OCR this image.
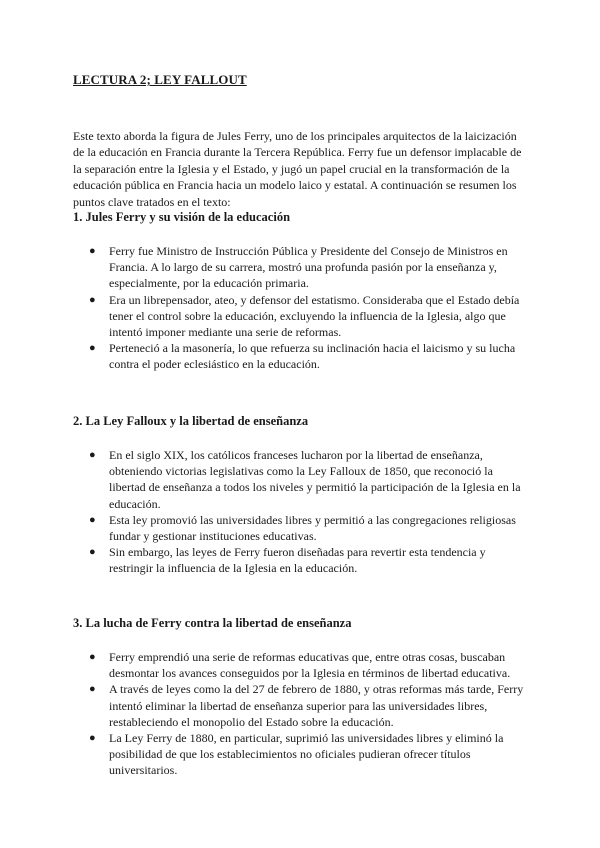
LECTURA 2; LEY FALLOUT

Este texto aborda la figura de Jules Ferry, uno de los principales arquitectos de la laicización de la educación en Francia durante la Tercera República. Ferry fue un defensor implacable de la separación entre la Iglesia y el Estado, y jugó un papel crucial en la transformación de la educación pública en Francia hacia un modelo laico y estatal. A continuación se resumen los puntos clave tratados en el texto:

1. Jules Ferry y su visión de la educación
● Ferry fue Ministro de Instrucción Pública y Presidente del Consejo de Ministros en Francia. A lo largo de su carrera, mostró una profunda pasión por la enseñanza y, especialmente, por la educación primaria.
● Era un librepensador, ateo, y defensor del estatismo. Consideraba que el Estado debía tener el control sobre la educación, excluyendo la influencia de la Iglesia, algo que intentó imponer mediante una serie de reformas.
● Perteneció a la masonería, lo que refuerza su inclinación hacia el laicismo y su lucha contra el poder eclesiástico en la educación.
2. La Ley Falloux y la libertad de enseñanza
● En el siglo XIX, los católicos franceses lucharon por la libertad de enseñanza, obteniendo victorias legislativas como la Ley Falloux de 1850, que reconoció la libertad de enseñanza a todos los niveles y permitió la participación de la Iglesia en la educación.
● Esta ley promovió las universidades libres y permitió a las congregaciones religiosas fundar y gestionar instituciones educativas.
● Sin embargo, las leyes de Ferry fueron diseñadas para revertir esta tendencia y restringir la influencia de la Iglesia en la educación.
3. La lucha de Ferry contra la libertad de enseñanza
● Ferry emprendió una serie de reformas educativas que, entre otras cosas, buscaban desmontar los avances conseguidos por la Iglesia en términos de libertad educativa.
● A través de leyes como la del 27 de febrero de 1880, y otras reformas más tarde, Ferry intentó eliminar la libertad de enseñanza superior para las universidades libres, restableciendo el monopolio del Estado sobre la educación.
● La Ley Ferry de 1880, en particular, suprimió las universidades libres y eliminó la posibilidad de que los establecimientos no oficiales pudieran ofrecer títulos universitarios.
